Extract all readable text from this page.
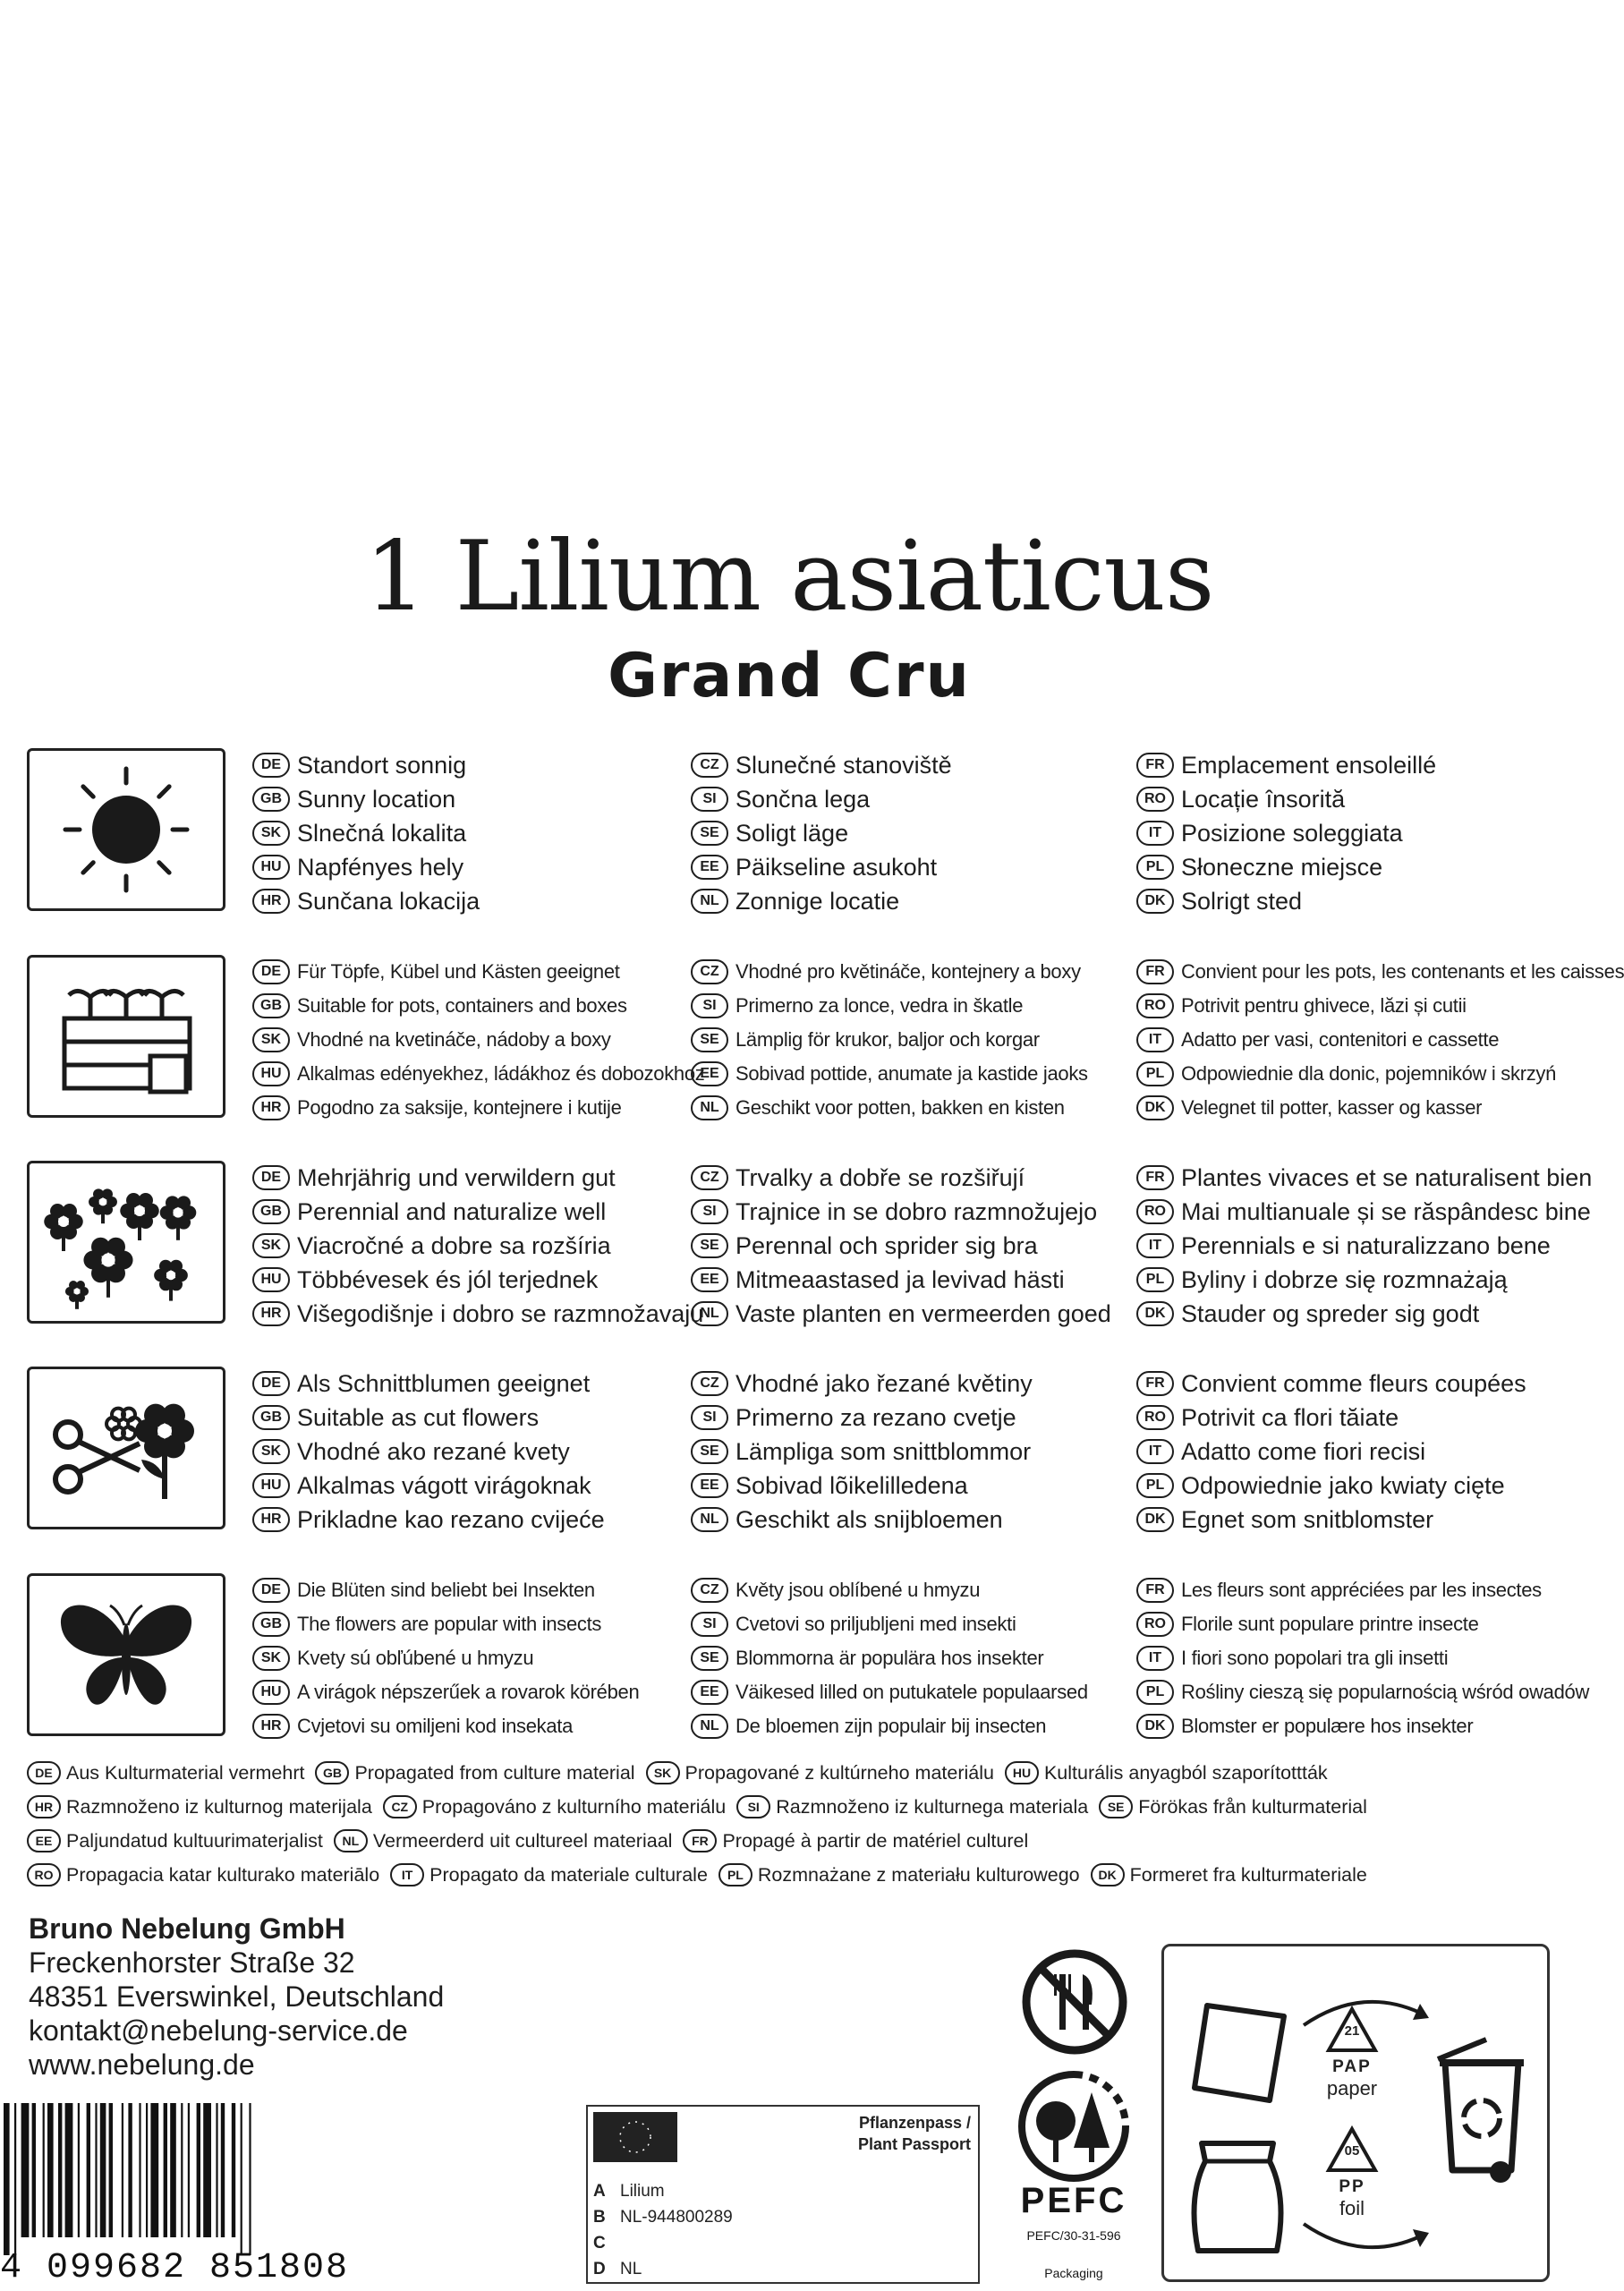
1 Lilium asiaticus
Grand Cru
DE Standort sonnig
GB Sunny location
SK Slnečná lokalita
HU Napfényes hely
HR Sunčana lokacija
CZ Slunečné stanoviště
SI Sončna lega
SE Soligt läge
EE Päikseline asukoht
NL Zonnige locatie
FR Emplacement ensoleillé
RO Locație însorită
IT Posizione soleggiata
PL Słoneczne miejsce
DK Solrigt sted
DE Für Töpfe, Kübel und Kästen geeignet
GB Suitable for pots, containers and boxes
SK Vhodné na kvetináče, nádoby a boxy
HU Alkalmas edényekhez, ládákhoz és dobozokhoz
HR Pogodno za saksije, kontejnere i kutije
CZ Vhodné pro květináče, kontejnery a boxy
SI Primerno za lonce, vedra in škatle
SE Lämplig för krukor, baljor och korgar
EE Sobivad pottide, anumate ja kastide jaoks
NL Geschikt voor potten, bakken en kisten
FR Convient pour les pots, les contenants et les caisses
RO Potrivit pentru ghivece, lăzi și cutii
IT Adatto per vasi, contenitori e cassette
PL Odpowiednie dla donic, pojemników i skrzyń
DK Velegnet til potter, kasser og kasser
DE Mehrjährig und verwildern gut
GB Perennial and naturalize well
SK Viacročné a dobre sa rozšíria
HU Többévesek és jól terjednek
HR Višegodišnje i dobro se razmnožavaju
CZ Trvalky a dobře se rozšiřují
SI Trajnice in se dobro razmnožujejo
SE Perennal och sprider sig bra
EE Mitmeaastased ja levivad hästi
NL Vaste planten en vermeerden goed
FR Plantes vivaces et se naturalisent bien
RO Mai multianuale și se răspândesc bine
IT Perennials e si naturalizzano bene
PL Byliny i dobrze się rozmnażają
DK Stauder og spreder sig godt
DE Als Schnittblumen geeignet
GB Suitable as cut flowers
SK Vhodné ako rezané kvety
HU Alkalmas vágott virágoknak
HR Prikladne kao rezano cvijeće
CZ Vhodné jako řezané květiny
SI Primerno za rezano cvetje
SE Lämpliga som snittblommor
EE Sobivad lõikelilledena
NL Geschikt als snijbloemen
FR Convient comme fleurs coupées
RO Potrivit ca flori tăiate
IT Adatto come fiori recisi
PL Odpowiednie jako kwiaty cięte
DK Egnet som snitblomster
DE Die Blüten sind beliebt bei Insekten
GB The flowers are popular with insects
SK Kvety sú obľúbené u hmyzu
HU A virágok népszerűek a rovarok körében
HR Cvjetovi su omiljeni kod insekata
CZ Květy jsou oblíbené u hmyzu
SI Cvetovi so priljubljeni med insekti
SE Blommorna är populära hos insekter
EE Väikesed lilled on putukatele populaarsed
NL De bloemen zijn populair bij insecten
FR Les fleurs sont appréciées par les insectes
RO Florile sunt populare printre insecte
IT I fiori sono popolari tra gli insetti
PL Rośliny cieszą się popularnością wśród owadów
DK Blomster er populære hos insekter
DE Aus Kulturmaterial vermehrt	GB Propagated from culture material	SK Propagované z kultúrneho materiálu	HU Kulturális anyagból szaporítottták
HR Razmnoženo iz kulturnog materijala	CZ Propagováno z kulturního materiálu	SI Razmnoženo iz kulturnega materiala	SE Förökas från kulturmaterial
EE Paljundatud kultuurimaterjalist	NL Vermeerderd uit cultureel materiaal	FR Propagé à partir de matériel culturel
RO Propagacia katar kulturako materiālo	IT Propagato da materiale culturale	PL Rozmnażane z materiału kulturowego	DK Formeret fra kulturmateriale
Bruno Nebelung GmbH
Freckenhorster Straße 32
48351 Everswinkel, Deutschland
kontakt@nebelung-service.de
www.nebelung.de
4 099682 851808
Pflanzenpass /
Plant Passport
A Lilium
B NL-944800289
C
D NL
PEFC
PEFC/30-31-596
Packaging
21
PAP
paper
05
PP
foil
